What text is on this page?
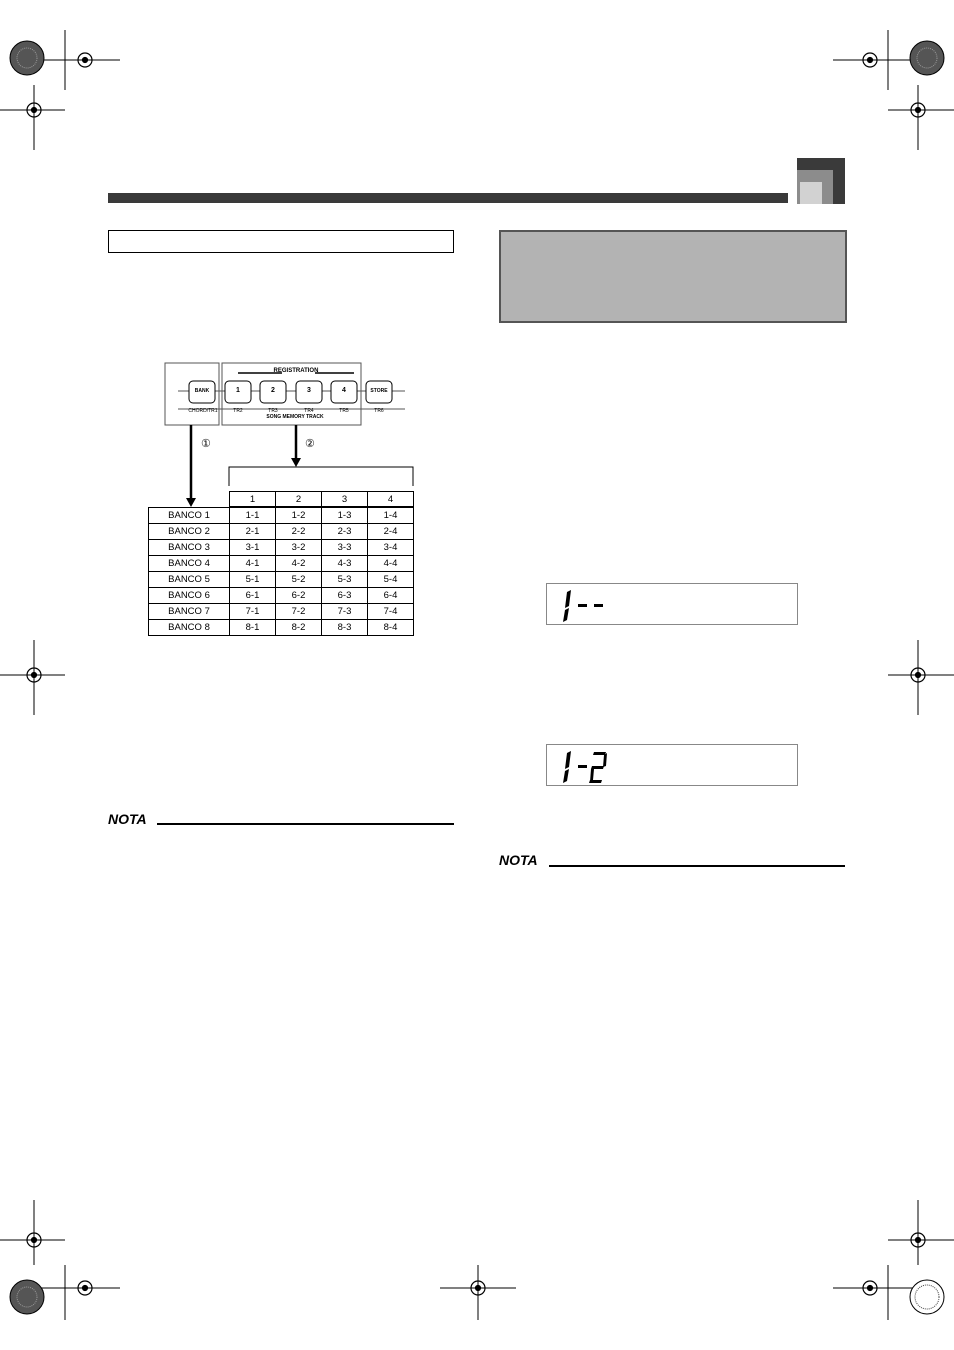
REGISTRATION
BANK	1	2	3	4	STORE
CHORD/TR1	TR2	TR3	TR4	TR5	TR6
SONG MEMORY TRACK
①	②
1	2	3	4
BANCO 1	1-1	1-2	1-3	1-4
BANCO 2	2-1	2-2	2-3	2-4
BANCO 3	3-1	3-2	3-3	3-4
BANCO 4	4-1	4-2	4-3	4-4
BANCO 5	5-1	5-2	5-3	5-4
BANCO 6	6-1	6-2	6-3	6-4
BANCO 7	7-1	7-2	7-3	7-4
BANCO 8	8-1	8-2	8-3	8-4
NOTA
NOTA
